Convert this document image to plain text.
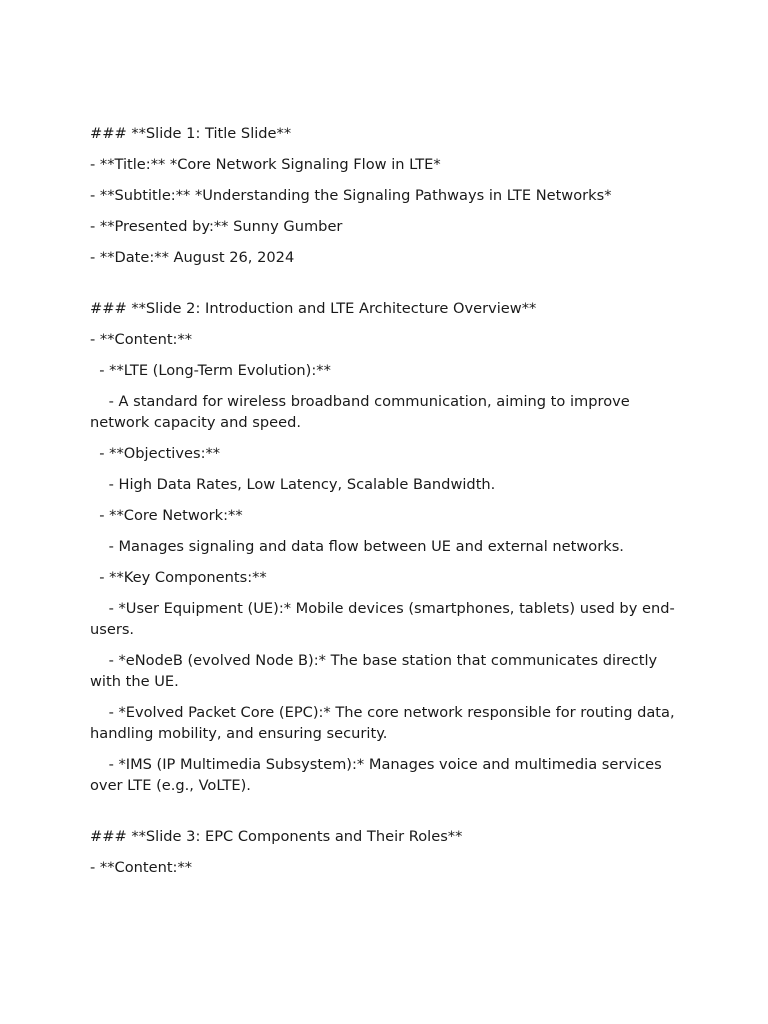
### **Slide 1: Title Slide**
- **Title:** *Core Network Signaling Flow in LTE*
- **Subtitle:** *Understanding the Signaling Pathways in LTE Networks*
- **Presented by:** Sunny Gumber
- **Date:** August 26, 2024
### **Slide 2: Introduction and LTE Architecture Overview**
- **Content:**
- **LTE (Long-Term Evolution):**
- A standard for wireless broadband communication, aiming to improve network capacity and speed.
- **Objectives:**
- High Data Rates, Low Latency, Scalable Bandwidth.
- **Core Network:**
- Manages signaling and data flow between UE and external networks.
- **Key Components:**
- *User Equipment (UE):* Mobile devices (smartphones, tablets) used by end-users.
- *eNodeB (evolved Node B):* The base station that communicates directly with the UE.
- *Evolved Packet Core (EPC):* The core network responsible for routing data, handling mobility, and ensuring security.
- *IMS (IP Multimedia Subsystem):* Manages voice and multimedia services over LTE (e.g., VoLTE).
### **Slide 3: EPC Components and Their Roles**
- **Content:**
